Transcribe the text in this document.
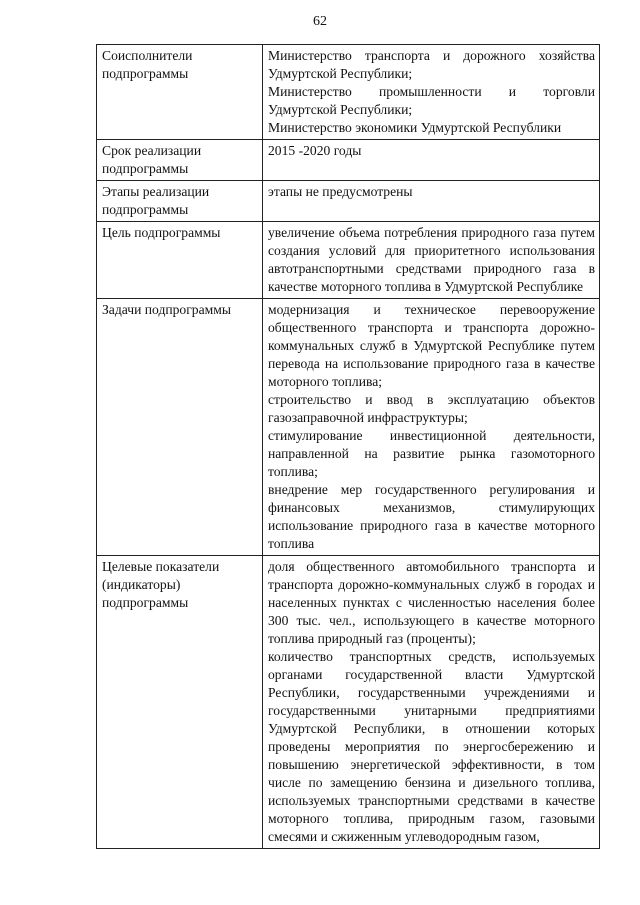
62
Соисполнители подпрограммы	Министерство транспорта и дорожного хозяйства Удмуртской Республики;

Министерство промышленности и торговли Удмуртской Республики;

Министерство экономики Удмуртской Республики

Срок реализации подпрограммы	2015 -2020 годы

Этапы реализации подпрограммы	этапы не предусмотрены

Цель подпрограммы	увеличение объема потребления природного газа путем создания условий для приоритетного использования автотранспортными средствами природного газа в качестве моторного топлива в Удмуртской Республике

Задачи подпрограммы	модернизация и техническое перевооружение общественного транспорта и транспорта дорожно-коммунальных служб в Удмуртской Республике путем перевода на использование природного газа в качестве моторного топлива;

строительство и ввод в эксплуатацию объектов газозаправочной инфраструктуры;

стимулирование инвестиционной деятельности, направленной на развитие рынка газомоторного топлива;

внедрение мер государственного регулирования и финансовых механизмов, стимулирующих использование природного газа в качестве моторного топлива

Целевые показатели (индикаторы) подпрограммы	доля общественного автомобильного транспорта и транспорта дорожно-коммунальных служб в городах и населенных пунктах с численностью населения более 300 тыс. чел., использующего в качестве моторного топлива природный газ (проценты);

количество транспортных средств, используемых органами государственной власти Удмуртской Республики, государственными учреждениями и государственными унитарными предприятиями Удмуртской Республики, в отношении которых проведены мероприятия по энергосбережению и повышению энергетической эффективности, в том числе по замещению бензина и дизельного топлива, используемых транспортными средствами в качестве моторного топлива, природным газом, газовыми смесями и сжиженным углеводородным газом,
